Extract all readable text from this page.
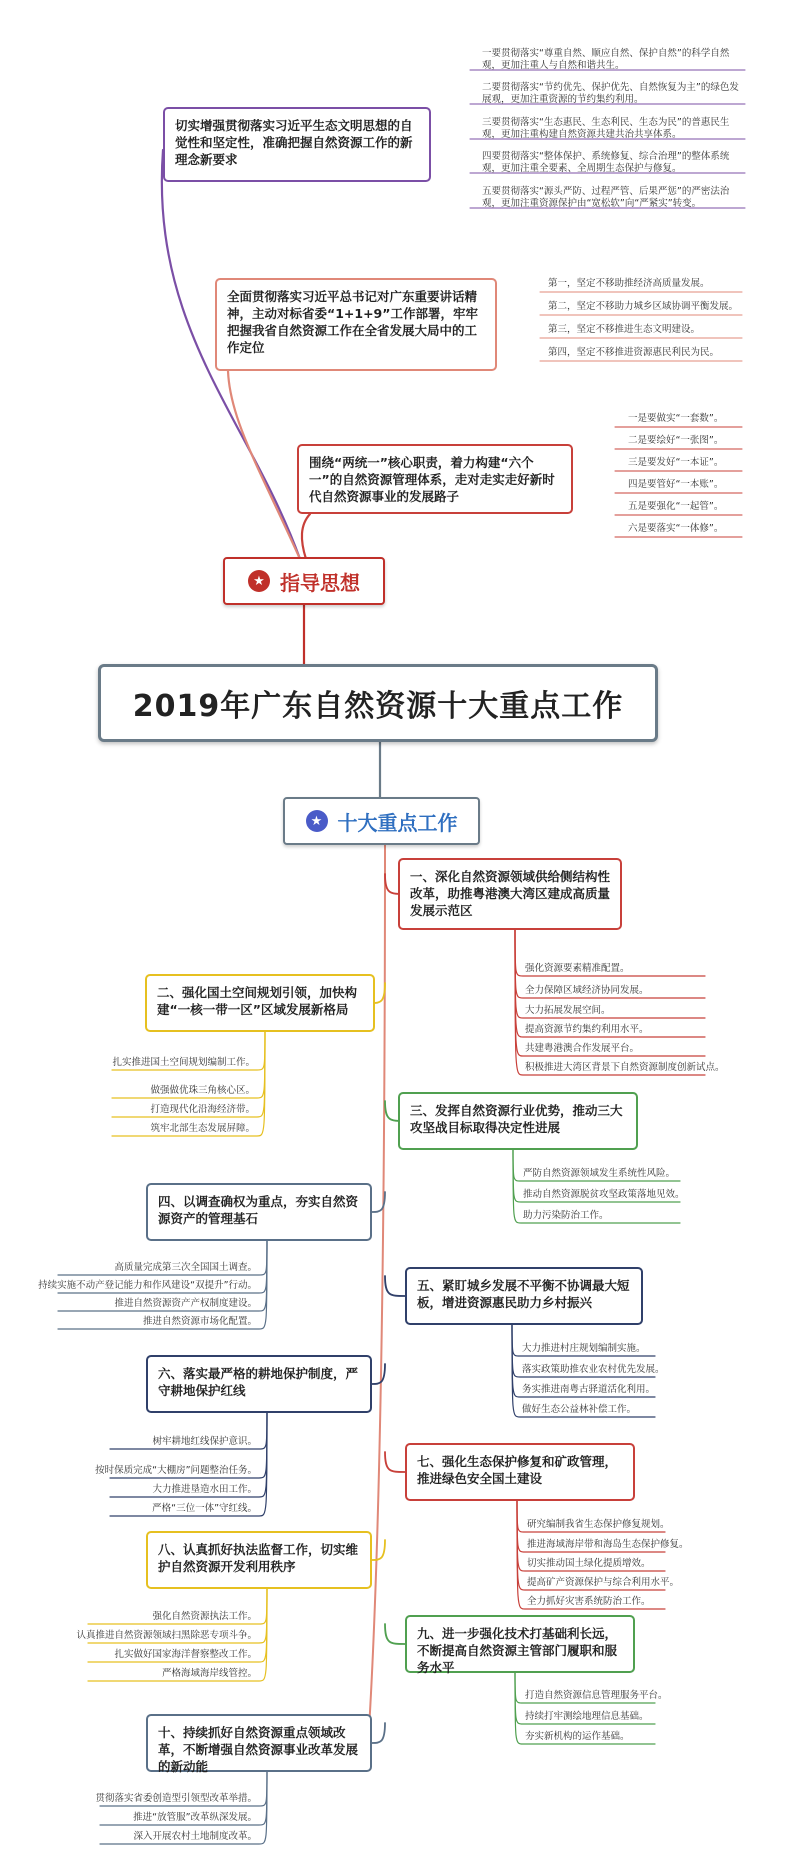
切实增强贯彻落实习近平生态文明思想的自觉性和坚定性，准确把握自然资源工作的新理念新要求
全面贯彻落实习近平总书记对广东重要讲话精神，主动对标省委“1+1+9”工作部署，牢牢把握我省自然资源工作在全省发展大局中的工作定位
围绕“两统一”核心职责，着力构建“六个一”的自然资源管理体系，走对走实走好新时代自然资源事业的发展路子
一要贯彻落实“尊重自然、顺应自然、保护自然”的科学自然观，更加注重人与自然和谐共生。
二要贯彻落实“节约优先、保护优先、自然恢复为主”的绿色发展观，更加注重资源的节约集约利用。
三要贯彻落实“生态惠民、生态利民、生态为民”的普惠民生观，更加注重构建自然资源共建共治共享体系。
四要贯彻落实“整体保护、系统修复、综合治理”的整体系统观，更加注重全要素、全周期生态保护与修复。
五要贯彻落实“源头严防、过程严管、后果严惩”的严密法治观，更加注重资源保护由“宽松软”向“严紧实”转变。
第一，坚定不移助推经济高质量发展。
第二，坚定不移助力城乡区域协调平衡发展。
第三，坚定不移推进生态文明建设。
第四，坚定不移推进资源惠民利民为民。
一是要做实“一套数”。
二是要绘好“一张图”。
三是要发好“一本证”。
四是要管好“一本账”。
五是要强化“一起管”。
六是要落实“一体修”。
★ 指导思想
2019年广东自然资源十大重点工作
★ 十大重点工作
一、深化自然资源领域供给侧结构性改革，助推粤港澳大湾区建成高质量发展示范区
三、发挥自然资源行业优势，推动三大攻坚战目标取得决定性进展
五、紧盯城乡发展不平衡不协调最大短板，增进资源惠民助力乡村振兴
七、强化生态保护修复和矿政管理，推进绿色安全国土建设
九、进一步强化技术打基础利长远，不断提高自然资源主管部门履职和服务水平
二、强化国土空间规划引领，加快构建“一核一带一区”区域发展新格局
四、以调查确权为重点，夯实自然资源资产的管理基石
六、落实最严格的耕地保护制度，严守耕地保护红线
八、认真抓好执法监督工作，切实维护自然资源开发利用秩序
十、持续抓好自然资源重点领域改革，不断增强自然资源事业改革发展的新动能
强化资源要素精准配置。
全力保障区域经济协同发展。
大力拓展发展空间。
提高资源节约集约利用水平。
共建粤港澳合作发展平台。
积极推进大湾区背景下自然资源制度创新试点。
严防自然资源领域发生系统性风险。
推动自然资源脱贫攻坚政策落地见效。
助力污染防治工作。
大力推进村庄规划编制实施。
落实政策助推农业农村优先发展。
务实推进南粤古驿道活化利用。
做好生态公益林补偿工作。
研究编制我省生态保护修复规划。
推进海域海岸带和海岛生态保护修复。
切实推动国土绿化提质增效。
提高矿产资源保护与综合利用水平。
全力抓好灾害系统防治工作。
打造自然资源信息管理服务平台。
持续打牢测绘地理信息基础。
夯实新机构的运作基础。
扎实推进国土空间规划编制工作。
做强做优珠三角核心区。
打造现代化沿海经济带。
筑牢北部生态发展屏障。
高质量完成第三次全国国土调查。
持续实施不动产登记能力和作风建设“双提升”行动。
推进自然资源资产产权制度建设。
推进自然资源市场化配置。
树牢耕地红线保护意识。
按时保质完成“大棚房”问题整治任务。
大力推进垦造水田工作。
严格“三位一体”守红线。
强化自然资源执法工作。
认真推进自然资源领域扫黑除恶专项斗争。
扎实做好国家海洋督察整改工作。
严格海域海岸线管控。
贯彻落实省委创造型引领型改革举措。
推进“放管服”改革纵深发展。
深入开展农村土地制度改革。
